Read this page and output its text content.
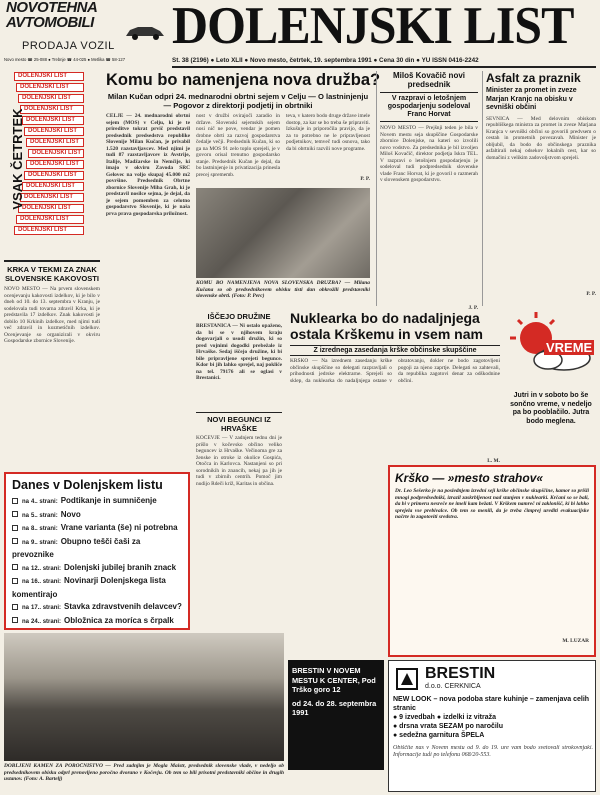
NOVOTEHNA AVTOMOBILI
PRODAJA VOZIL
Novo mesto ☎ 25-088 ● Trebnje ☎ 44-025 ● Metlika ☎ 58-127
DOLENJSKI LIST
Št. 38 (2196) ● Leto XLII ● Novo mesto, četrtek, 19. septembra 1991 ● Cena 30 din ● YU ISSN 0416-2242
DOLENJSKI LIST
DOLENJSKI LIST
DOLENJSKI LIST
DOLENJSKI LIST
DOLENJSKI LIST
DOLENJSKI LIST
DOLENJSKI LIST
DOLENJSKI LIST
DOLENJSKI LIST
DOLENJSKI LIST
DOLENJSKI LIST
DOLENJSKI LIST
DOLENJSKI LIST
DOLENJSKI LIST
DOLENJSKI LIST
VSAK ČETRTEK
KRKA V TEKMI ZA ZNAK SLOVENSKE KAKOVOSTI
NOVO MESTO — Na prvem slovenskem ocenjevanju kakovosti izdelkov, ki je bilo v dneh od 10. do 13. septembra v Kranju, je sodelovala tudi tovarna zdravil Krka, ki je predstavila 17 izdelkov. Znak kakovosti je dobilo 10 Krkinih izdelkov, med njimi tudi več zdravil in kozmetičnih izdelkov. Ocenjevanje so organizirali v okviru Gospodarske zbornice Slovenije.
Komu bo namenjena nova družba?
Milan Kučan odpri 24. mednarodni obrtni sejem v Celju — O lastninjenju — Pogovor z direktorji podjetij in obrtniki
CELJE — 24. mednarodni obrtni sejem (MOS) v Celju, ki je te prireditve tokrat prvič predstavil predsednik predsedstva republike Slovenije Milan Kučan, je privabil 1.520 razstavljavcev. Med njimi je tudi 87 razstavljavcev iz Avstrije, Italije, Madžarske in Nemčije, ki imajo v okviru Zavoda SRC Gelovec na voljo skupaj 45.000 m2 površine. Predsednik Obrtne zbornice Slovenije Miha Grah, ki je predstavil nosilce sejma, je dejal, da je sejem pomemben za celotno gospodarstvo Slovenije, ki je naša prva prava gospodarska priložnost.
nost v družbi ovirajoči zaradio in države. Slovenski sejemskih sejem nosi nič ne pove, vendar je pomen drobne obrti za razvoj gospodarstva čedalje večji. Predsednik Kučan, ki so ga na MOS 91 zelo toplo sprejeli, je v govoru orisal trenutno gospodarsko stanje. Predsednik Kučan je dejal, da bo lastninjenje in privatizacija prinesla precej sprememb.
teva, v katero bodo druge države imele dostop, za kar se bo treba še pripraviti. Izkušnje in priporočila pravijo, da je za to potrebno ne le pripravljenost podjetnikov, temveč tudi osnova, tako da bi obrtniki razvili nove programe.
P. P.
KOMU BO NAMENJENA NOVA SLOVENSKA DRUŽBA? — Milana Kučana so ob predsednikovem obisku tisti dan obkrožili predstavniki slovenske obrti. (Foto: P. Perc)
IŠČEJO DRUŽINE
BRESTANICA — Ni ostalo opaženo, da bi se v njihovem kraju dogovarjali o usodi družin, ki so pred vojnimi dogodki prebežale iz Hrvaške. Sedaj iščejo družine, ki bi bile pripravljene sprejeti begunce. Kdor bi jih lahko sprejel, naj pokliče na tel. 79176 ali se oglasi v Brestanici.
NOVI BEGUNCI IZ HRVAŠKE
KOČEVJE — V zadnjem tednu dni je prišlo v kočevsko občino veliko beguncev iz Hrvaške. Večinoma gre za ženske in otroke iz okolice Gospića, Otočca in Karlovca. Nastanjeni so pri sorodnikih in znancih, nekaj pa jih je tudi v zbirnih centrih. Pomoč jim nudijo Rdeči križ, Karitas in občina.
Miloš Kovačič novi predsednik
V razpravi o letošnjem gospodarjenju sodeloval Franc Horvat
NOVO MESTO — Prejšnji teden je bila v Novem mestu seja skupščine Gospodarske zbornice Dolenjske, na kateri so izvolili novo vodstvo. Za predsednika je bil izvoljen Miloš Kovačič, direktor podjetja Iskra TEL. V razpravi o letošnjem gospodarjenju je sodeloval tudi podpredsednik slovenske vlade Franc Horvat, ki je govoril o razmerah v slovenskem gospodarstvu.
J. P.
Asfalt za praznik
Minister za promet in zveze Marjan Kranjc na obisku v sevniški občini
SEVNICA — Med delovnim obiskom republiškega ministra za promet in zveze Marjana Kranjca v sevniški občini so govorili predvsem o cestah in prometnih povezavah. Minister je obljubil, da bodo do občinskega praznika asfaltirali nekaj odsekov lokalnih cest, kar so domačini z velikim zadovoljstvom sprejeli.
P. P.
Nuklearka bo do nadaljnjega ostala Krškemu in vsem nam
Z izrednega zasedanja krške občinske skupščine
KRŠKO — Na izrednem zasedanju krške občinske skupščine so delegati razpravljali o prihodnosti jedrske elektrarne. Sprejeli so sklep, da nuklearka do nadaljnjega ostane v obratovanju, dokler ne bodo zagotovljeni pogoji za njeno zaprtje. Delegati so zahtevali, da republika zagotovi denar za odškodnine občini.
L. M.
VREME
Jutri in v soboto bo še sončno vreme, v nedeljo pa bo pooblačilo. Jutra bodo meglena.
Danes v Dolenjskem listu
na 4.. strani: Podtikanje in sumničenje
na 5.. strani: Novo
na 8.. strani: Vrane varianta (še) ni potrebna
na 9.. strani: Obupno tešči čaši za prevoznike
na 12.. strani: Dolenjski jubilej branih znack
na 16.. strani: Novinarji Dolenjskega lista komentirajo
na 17.. strani: Stavka zdravstvenih delavcev?
na 24.. strani: Obložnica za moríca s črpalk
Krško — »mesto strahov«
Dr. Leo Šešerko je na poslednjem izredni seji krške občinske skupščine, kamor so prišli mnogi podpredsedniki, izrazil zaskrbljenost nad stanjem v nuklearki. Krčani so se bali, da bi v primeru nesreče ne imeli kam bežati. V Krškem namreč ni zaklonišč, ki bi lahko sprejela vse prebivalce. Ob tem so menili, da je treba čimprej urediti evakuacijske načrte in zagotoviti sredstva.
M. LUZAR
DOBLJENI KAMEN ZA POROČNIŠTVO — Pred zadnjim je Mogla Maistr, predsednik slovenske vlade, v nedeljo ob predsednikovem obisku odprl prenovljeno poročno dvorano v Kočevju. Ob tem so bili prisotni predstavniki občine in drugih ustanov. (Foto: A. Bartelj)
BRESTIN V NOVEM MESTU K CENTER, Pod Trško goro 12
od 24. do 28. septembra 1991
BRESTIN
d.o.o. CERKNICA
NEW LOOK – nova podoba stare kuhinje – zamenjava celih stranic
● 9 izvedbah ● izdelki iz vitraža
● drsna vrata SEZAM po naročilu
● sedežna garnitura ŠPELA
Obiščite nas v Novem mestu od 9. do 19. ure vam bodo svetovali strokovnjaki. Informacije tudi po telefonu 068/20-553.
